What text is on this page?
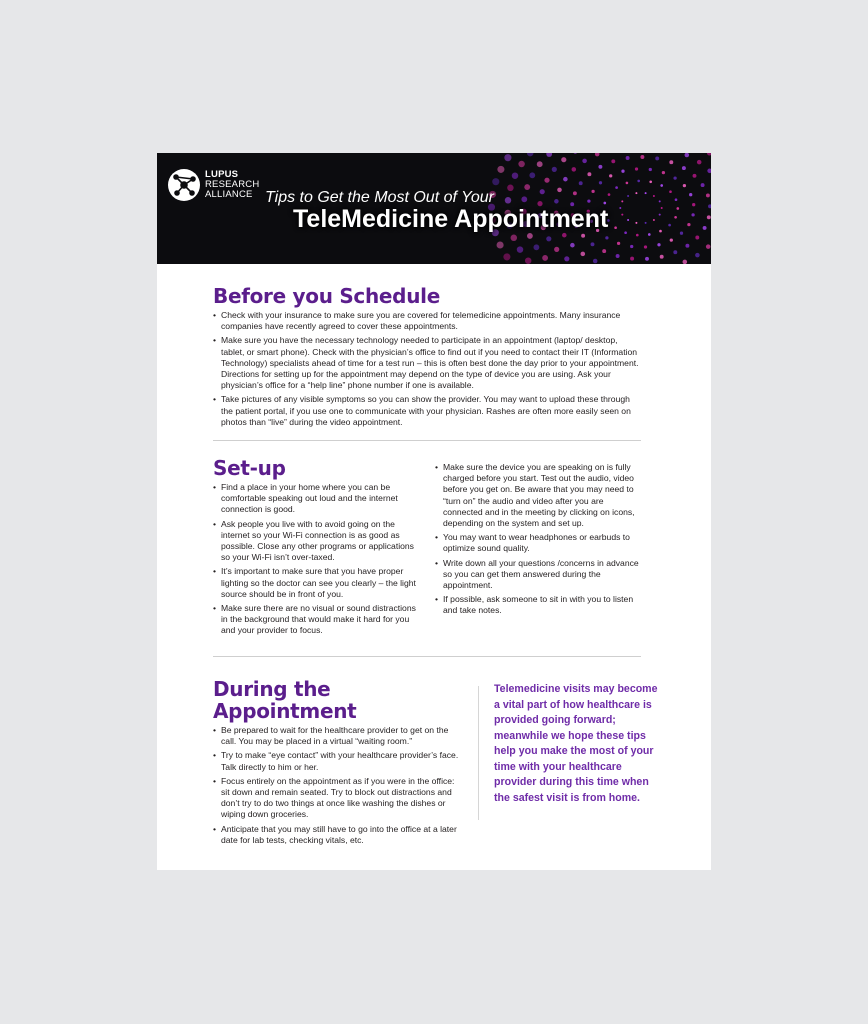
LUPUS
RESEARCH
ALLIANCE Tips to Get the Most Out of Your
TeleMedicine Appointment
Before you Schedule
• Check with your insurance to make sure you are covered for telemedicine appointments. Many insurance companies have recently agreed to cover these appointments.
• Make sure you have the necessary technology needed to participate in an appointment (laptop/ desktop, tablet, or smart phone). Check with the physician’s office to find out if you need to contact their IT (Information Technology) specialists ahead of time for a test run – this is often best done the day prior to your appointment. Directions for setting up for the appointment may depend on the type of device you are using. Ask your physician’s office for a “help line” phone number if one is available.
• Take pictures of any visible symptoms so you can show the provider. You may want to upload these through the patient portal, if you use one to communicate with your physician. Rashes are often more easily seen on photos than “live” during the video appointment.
Set-up
• Find a place in your home where you can be comfortable speaking out loud and the internet connection is good.
• Ask people you live with to avoid going on the internet so your Wi-Fi connection is as good as possible. Close any other programs or applications so your Wi-Fi isn’t over-taxed.
• It’s important to make sure that you have proper lighting so the doctor can see you clearly – the light source should be in front of you.
• Make sure there are no visual or sound distractions in the background that would make it hard for you and your provider to focus.
• Make sure the device you are speaking on is fully charged before you start. Test out the audio, video before you get on. Be aware that you may need to “turn on” the audio and video after you are connected and in the meeting by clicking on icons, depending on the system and set up.
• You may want to wear headphones or earbuds to optimize sound quality.
• Write down all your questions /concerns in advance so you can get them answered during the appointment.
• If possible, ask someone to sit in with you to listen and take notes.
During the Appointment
• Be prepared to wait for the healthcare provider to get on the call. You may be placed in a virtual “waiting room.”
• Try to make “eye contact” with your healthcare provider’s face. Talk directly to him or her.
• Focus entirely on the appointment as if you were in the office: sit down and remain seated. Try to block out distractions and don’t try to do two things at once like washing the dishes or wiping down groceries.
• Anticipate that you may still have to go into the office at a later date for lab tests, checking vitals, etc.
Telemedicine visits may become a vital part of how healthcare is provided going forward; meanwhile we hope these tips help you make the most of your time with your healthcare provider during this time when the safest visit is from home.
